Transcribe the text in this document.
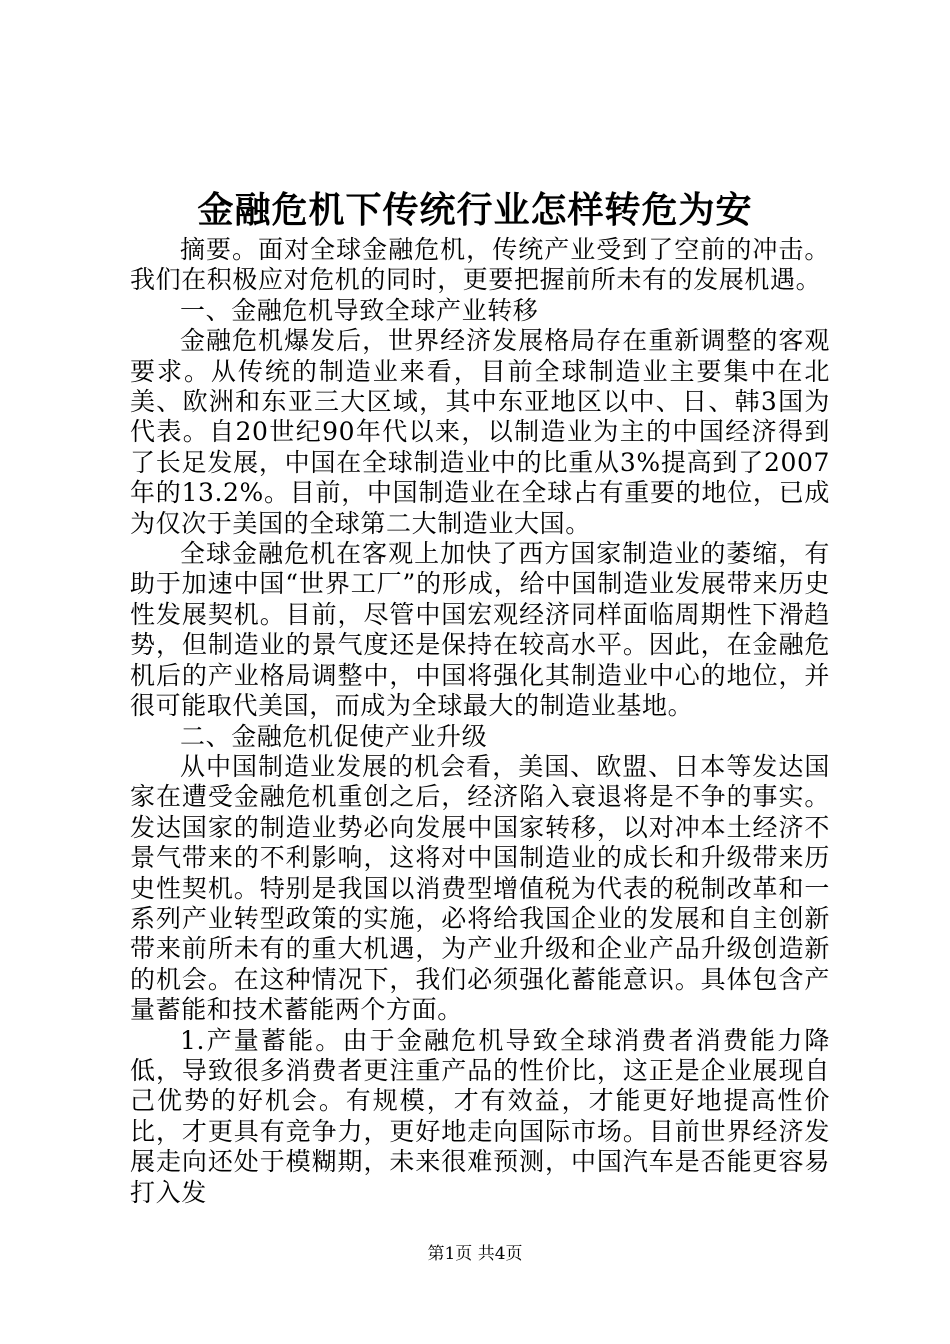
金融危机下传统行业怎样转危为安

摘要。面对全球金融危机，传统产业受到了空前的冲击。我们在积极应对危机的同时，更要把握前所未有的发展机遇。

一、金融危机导致全球产业转移

金融危机爆发后，世界经济发展格局存在重新调整的客观要求。从传统的制造业来看，目前全球制造业主要集中在北美、欧洲和东亚三大区域，其中东亚地区以中、日、韩3国为代表。自20世纪90年代以来，以制造业为主的中国经济得到了长足发展，中国在全球制造业中的比重从3%提高到了2007年的13.2%。目前，中国制造业在全球占有重要的地位，已成为仅次于美国的全球第二大制造业大国。

全球金融危机在客观上加快了西方国家制造业的萎缩，有助于加速中国“世界工厂”的形成，给中国制造业发展带来历史性发展契机。目前，尽管中国宏观经济同样面临周期性下滑趋势，但制造业的景气度还是保持在较高水平。因此，在金融危机后的产业格局调整中，中国将强化其制造业中心的地位，并很可能取代美国，而成为全球最大的制造业基地。

二、金融危机促使产业升级

从中国制造业发展的机会看，美国、欧盟、日本等发达国家在遭受金融危机重创之后，经济陷入衰退将是不争的事实。发达国家的制造业势必向发展中国家转移，以对冲本土经济不景气带来的不利影响，这将对中国制造业的成长和升级带来历史性契机。特别是我国以消费型增值税为代表的税制改革和一系列产业转型政策的实施，必将给我国企业的发展和自主创新带来前所未有的重大机遇，为产业升级和企业产品升级创造新的机会。在这种情况下，我们必须强化蓄能意识。具体包含产量蓄能和技术蓄能两个方面。

1.产量蓄能。由于金融危机导致全球消费者消费能力降低，导致很多消费者更注重产品的性价比，这正是企业展现自己优势的好机会。有规模，才有效益，才能更好地提高性价比，才更具有竞争力，更好地走向国际市场。目前世界经济发展走向还处于模糊期，未来很难预测，中国汽车是否能更容易打入发

第1页 共4页
